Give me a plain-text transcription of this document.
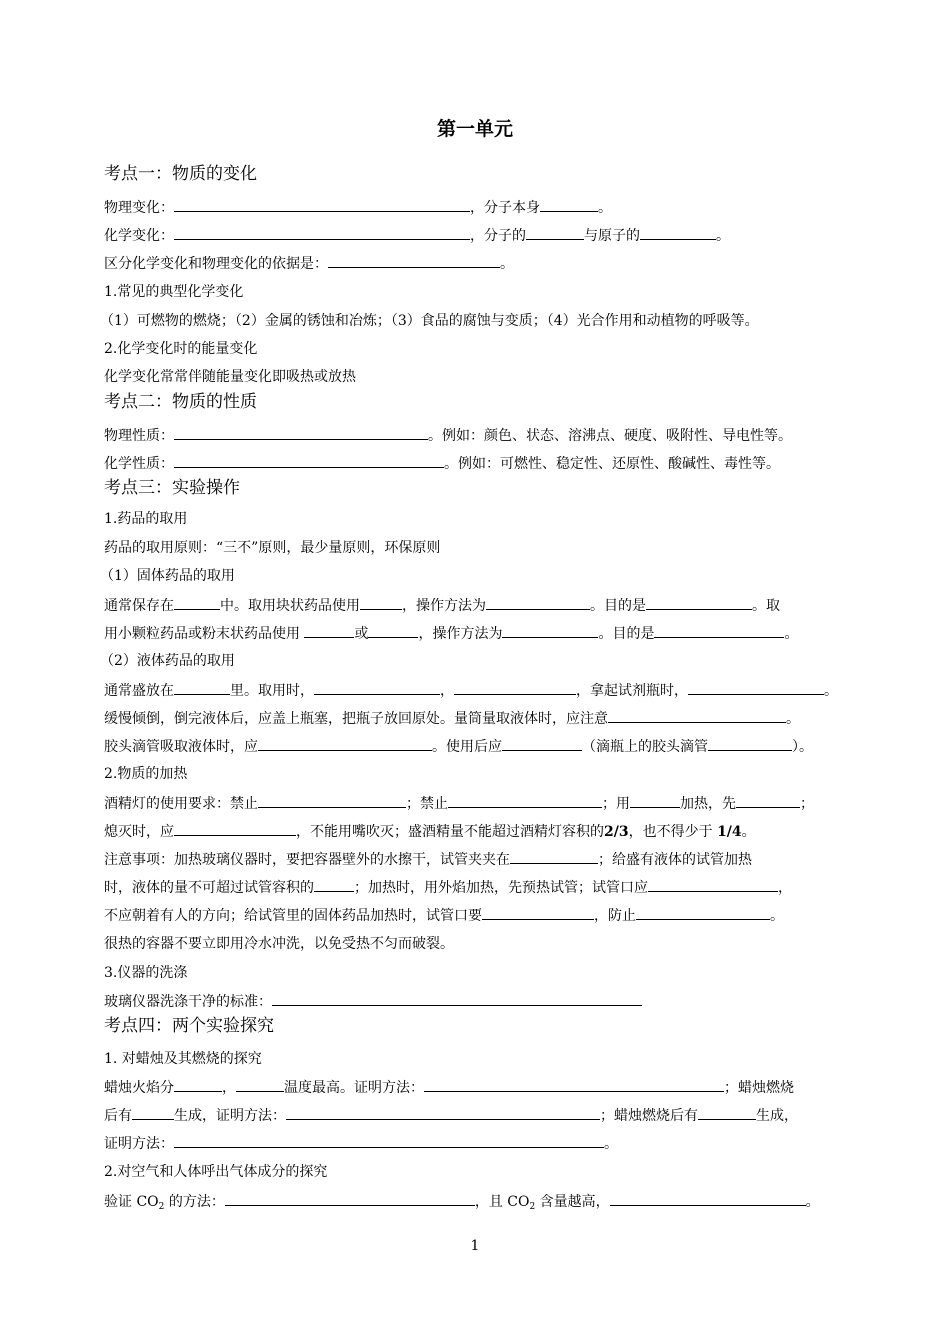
第一单元
考点一：物质的变化
物理变化：	，分子本身	。
化学变化：	，分子的	与原子的	。
区分化学变化和物理变化的依据是：	。
1.常见的典型化学变化
（1）可燃物的燃烧；（2）金属的锈蚀和冶炼；（3）食品的腐蚀与变质；（4）光合作用和动植物的呼吸等。
2.化学变化时的能量变化
化学变化常常伴随能量变化即吸热或放热
考点二：物质的性质
物理性质：	。例如：颜色、状态、溶沸点、硬度、吸附性、导电性等。
化学性质：	。例如：可燃性、稳定性、还原性、酸碱性、毒性等。
考点三：实验操作
1.药品的取用
药品的取用原则：“三不”原则，最少量原则，环保原则
（1）固体药品的取用
通常保存在	中。取用块状药品使用	，操作方法为	。目的是	。取
用小颗粒药品或粉末状药品使用	或	，操作方法为	。目的是	。
（2）液体药品的取用
通常盛放在	里。取用时，	，	，拿起试剂瓶时，	。
缓慢倾倒，倒完液体后，应盖上瓶塞，把瓶子放回原处。量筒量取液体时，应注意	。
胶头滴管吸取液体时，应	。使用后应	（滴瓶上的胶头滴管	）。
2.物质的加热
酒精灯的使用要求：禁止	；禁止	；用	加热，先	；
熄灭时，应	，不能用嘴吹灭；盛酒精量不能超过酒精灯容积的2/3，也不得少于 1/4。
注意事项：加热玻璃仪器时，要把容器壁外的水擦干，试管夹夹在	；给盛有液体的试管加热
时，液体的量不可超过试管容积的	；加热时，用外焰加热，先预热试管；试管口应	，
不应朝着有人的方向；给试管里的固体药品加热时，试管口要	，防止	。
很热的容器不要立即用冷水冲洗，以免受热不匀而破裂。
3.仪器的洗涤
玻璃仪器洗涤干净的标准：
考点四：两个实验探究
1. 对蜡烛及其燃烧的探究
蜡烛火焰分	，	温度最高。证明方法：	；蜡烛燃烧
后有	生成，证明方法：	；蜡烛燃烧后有	生成，
证明方法：	。
2.对空气和人体呼出气体成分的探究
验证 $CO_2$ 的方法：	，且 $CO_2$ 含量越高，	。
1
